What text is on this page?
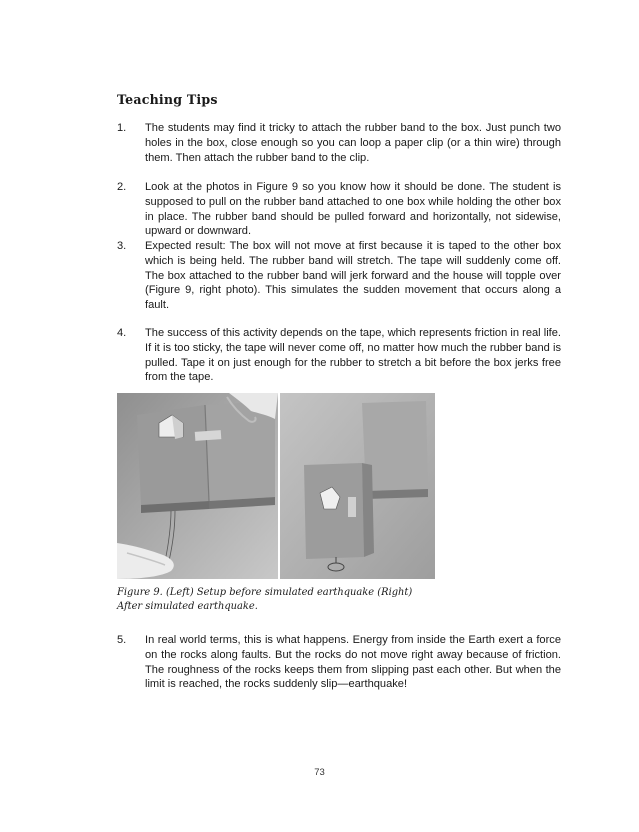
Teaching Tips
1.	The students may find it tricky to attach the rubber band to the box. Just punch two holes in the box, close enough so you can loop a paper clip (or a thin wire) through them. Then attach the rubber band to the clip.
2.	Look at the photos in Figure 9 so you know how it should be done. The student is supposed to pull on the rubber band attached to one box while holding the other box in place. The rubber band should be pulled forward and horizontally, not sidewise, upward or downward.
3.	Expected result: The box will not move at first because it is taped to the other box which is being held. The rubber band will stretch. The tape will suddenly come off. The box attached to the rubber band will jerk forward and the house will topple over (Figure 9, right photo). This simulates the sudden movement that occurs along a fault.
4.	The success of this activity depends on the tape, which represents friction in real life. If it is too sticky, the tape will never come off, no matter how much the rubber band is pulled. Tape it on just enough for the rubber to stretch a bit before the box jerks free from the tape.
Figure 9. (Left) Setup before simulated earthquake (Right)
After simulated earthquake.
5.	In real world terms, this is what happens. Energy from inside the Earth exert a force on the rocks along faults. But the rocks do not move right away because of friction. The roughness of the rocks keeps them from slipping past each other. But when the limit is reached, the rocks suddenly slip—earthquake!
73
